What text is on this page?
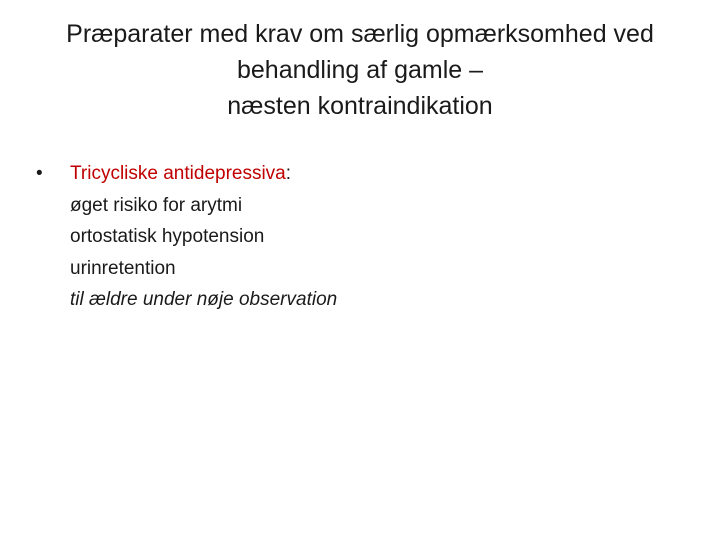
Præparater med krav om særlig opmærksomhed ved
behandling af gamle –
næsten kontraindikation
• Tricycliske antidepressiva:
øget risiko for arytmi
ortostatisk hypotension
urinretention
til ældre under nøje observation
